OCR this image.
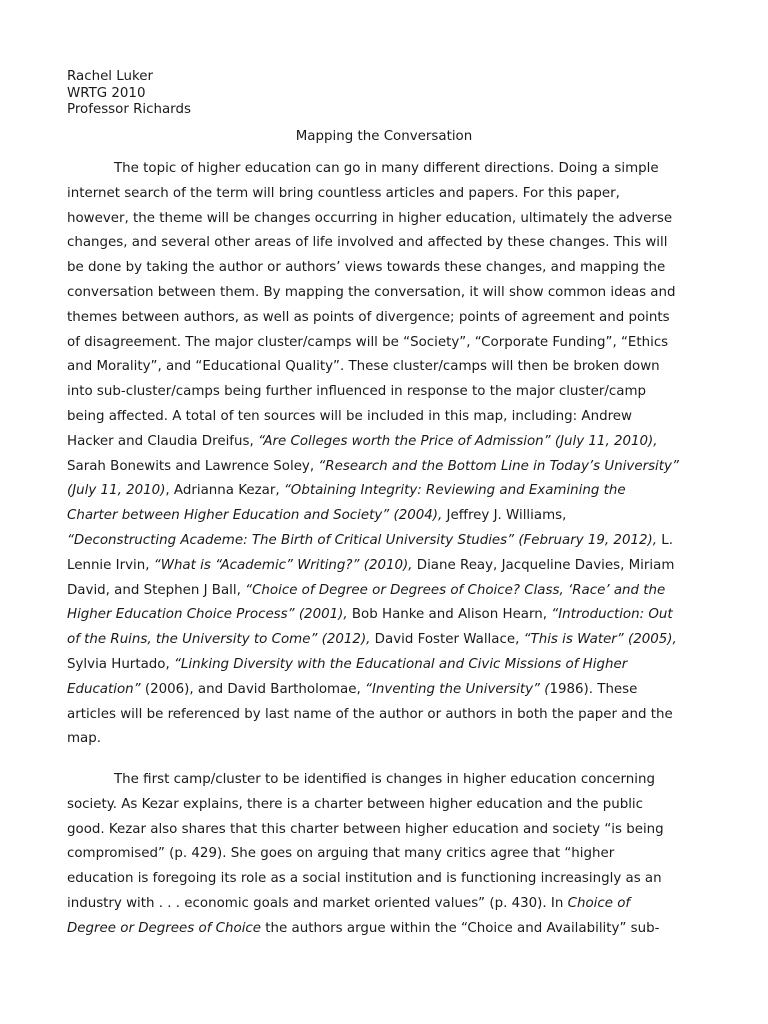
Rachel Luker
WRTG 2010
Professor Richards
Mapping the Conversation
The topic of higher education can go in many different directions. Doing a simple
internet search of the term will bring countless articles and papers. For this paper,
however, the theme will be changes occurring in higher education, ultimately the adverse
changes, and several other areas of life involved and affected by these changes. This will
be done by taking the author or authors’ views towards these changes, and mapping the
conversation between them. By mapping the conversation, it will show common ideas and
themes between authors, as well as points of divergence; points of agreement and points
of disagreement. The major cluster/camps will be “Society”, “Corporate Funding”, “Ethics
and Morality”, and “Educational Quality”. These cluster/camps will then be broken down
into sub-cluster/camps being further influenced in response to the major cluster/camp
being affected. A total of ten sources will be included in this map, including: Andrew
Hacker and Claudia Dreifus, “Are Colleges worth the Price of Admission” (July 11, 2010),
Sarah Bonewits and Lawrence Soley, “Research and the Bottom Line in Today’s University”
(July 11, 2010), Adrianna Kezar, “Obtaining Integrity: Reviewing and Examining the
Charter between Higher Education and Society” (2004), Jeffrey J. Williams,
“Deconstructing Academe: The Birth of Critical University Studies” (February 19, 2012), L.
Lennie Irvin, “What is “Academic” Writing?” (2010), Diane Reay, Jacqueline Davies, Miriam
David, and Stephen J Ball, “Choice of Degree or Degrees of Choice? Class, ‘Race’ and the
Higher Education Choice Process” (2001), Bob Hanke and Alison Hearn, “Introduction: Out
of the Ruins, the University to Come” (2012), David Foster Wallace, “This is Water” (2005),
Sylvia Hurtado, “Linking Diversity with the Educational and Civic Missions of Higher
Education” (2006), and David Bartholomae, “Inventing the University” (1986). These
articles will be referenced by last name of the author or authors in both the paper and the
map.
The first camp/cluster to be identified is changes in higher education concerning
society. As Kezar explains, there is a charter between higher education and the public
good. Kezar also shares that this charter between higher education and society “is being
compromised” (p. 429). She goes on arguing that many critics agree that “higher
education is foregoing its role as a social institution and is functioning increasingly as an
industry with . . . economic goals and market oriented values” (p. 430). In Choice of
Degree or Degrees of Choice the authors argue within the “Choice and Availability” sub-
